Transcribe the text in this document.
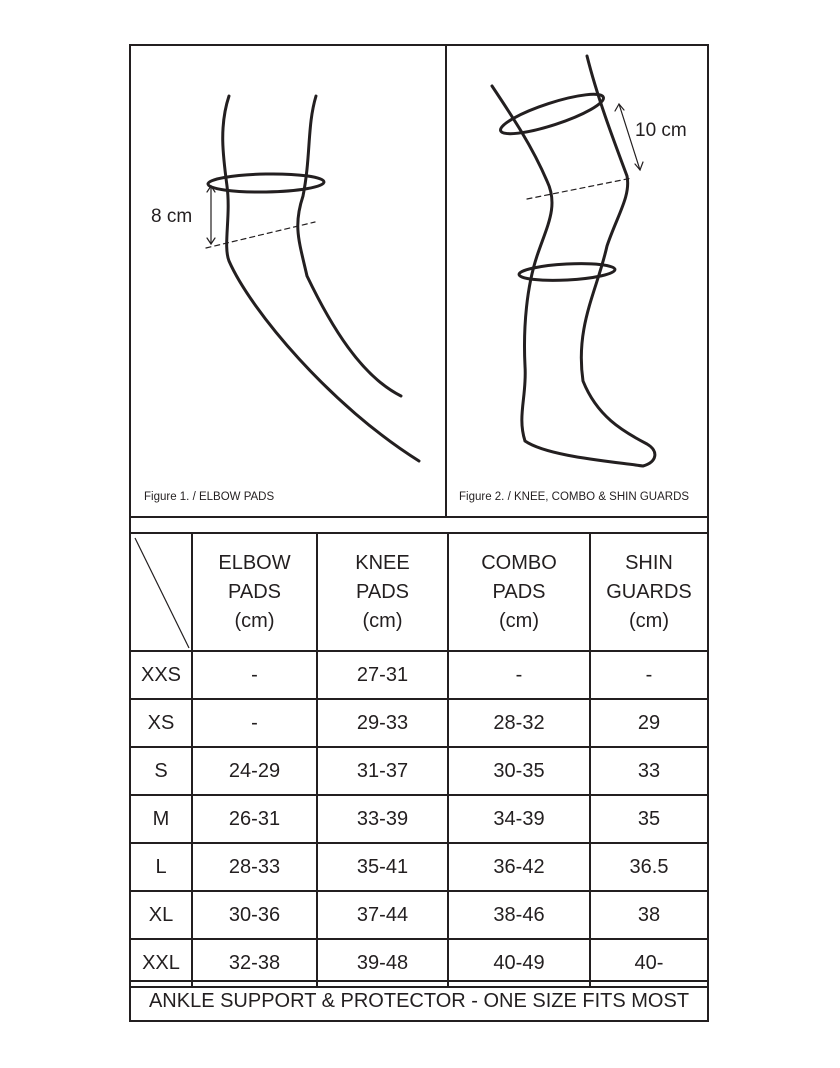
8 cm
Figure 1. / ELBOW PADS
10 cm
Figure 2. / KNEE, COMBO & SHIN GUARDS

ELBOW
PADS
(cm)	KNEE
PADS
(cm)	COMBO
PADS
(cm)	SHIN
GUARDS
(cm)

XXS	-	27-31	-	-
XS	-	29-33	28-32	29
S	24-29	31-37	30-35	33
M	26-31	33-39	34-39	35
L	28-33	35-41	36-42	36.5
XL	30-36	37-44	38-46	38
XXL	32-38	39-48	40-49	40-
ANKLE SUPPORT & PROTECTOR - ONE SIZE FITS MOST
